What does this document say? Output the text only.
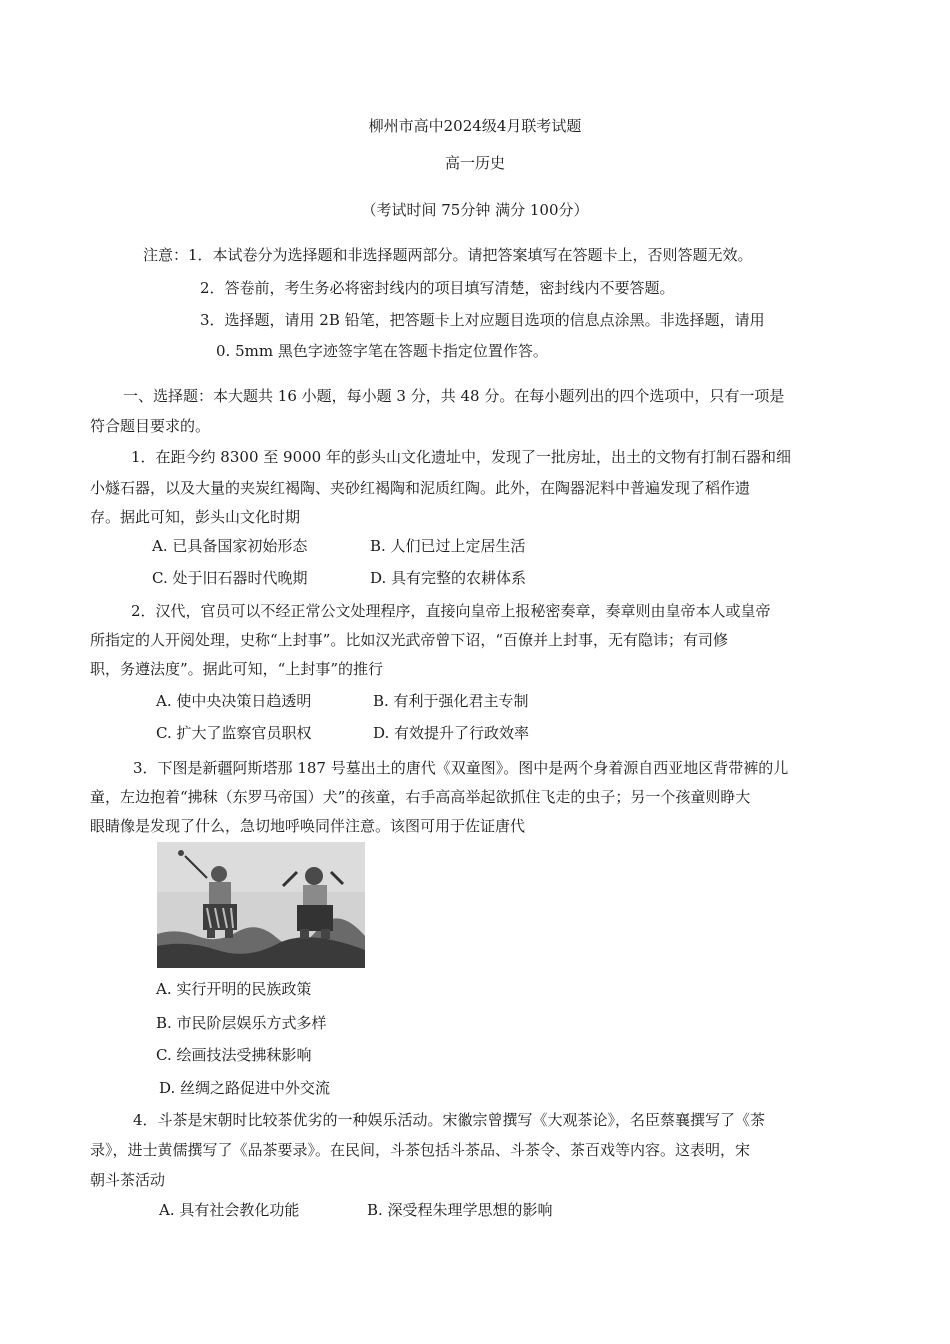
柳州市高中2024级4月联考试题
高一历史
（考试时间 75分钟 满分 100分）
注意：1．本试卷分为选择题和非选择题两部分。请把答案填写在答题卡上，否则答题无效。
2．答卷前，考生务必将密封线内的项目填写清楚，密封线内不要答题。
3．选择题，请用 2B 铅笔，把答题卡上对应题目选项的信息点涂黑。非选择题，请用
0. 5mm 黑色字迹签字笔在答题卡指定位置作答。
一、选择题：本大题共 16 小题，每小题 3 分，共 48 分。在每小题列出的四个选项中，只有一项是
符合题目要求的。
1．在距今约 8300 至 9000 年的彭头山文化遗址中，发现了一批房址，出土的文物有打制石器和细
小燧石器，以及大量的夹炭红褐陶、夹砂红褐陶和泥质红陶。此外，在陶器泥料中普遍发现了稻作遗
存。据此可知，彭头山文化时期
A. 已具备国家初始形态	B. 人们已过上定居生活
C. 处于旧石器时代晚期	D. 具有完整的农耕体系
2．汉代，官员可以不经正常公文处理程序，直接向皇帝上报秘密奏章，奏章则由皇帝本人或皇帝
所指定的人开阅处理，史称“上封事”。比如汉光武帝曾下诏，“百僚并上封事，无有隐讳；有司修
职，务遵法度”。据此可知，“上封事”的推行
A. 使中央决策日趋透明	B. 有利于强化君主专制
C. 扩大了监察官员职权	D. 有效提升了行政效率
3．下图是新疆阿斯塔那 187 号墓出土的唐代《双童图》。图中是两个身着源自西亚地区背带裤的儿
童，左边抱着“拂秣（东罗马帝国）犬”的孩童，右手高高举起欲抓住飞走的虫子；另一个孩童则睁大
眼睛像是发现了什么，急切地呼唤同伴注意。该图可用于佐证唐代
A. 实行开明的民族政策
B. 市民阶层娱乐方式多样
C. 绘画技法受拂秣影响
D. 丝绸之路促进中外交流
4．斗茶是宋朝时比较茶优劣的一种娱乐活动。宋徽宗曾撰写《大观茶论》，名臣蔡襄撰写了《茶
录》，进士黄儒撰写了《品茶要录》。在民间，斗茶包括斗茶品、斗茶令、茶百戏等内容。这表明，宋
朝斗茶活动
A. 具有社会教化功能	B. 深受程朱理学思想的影响
